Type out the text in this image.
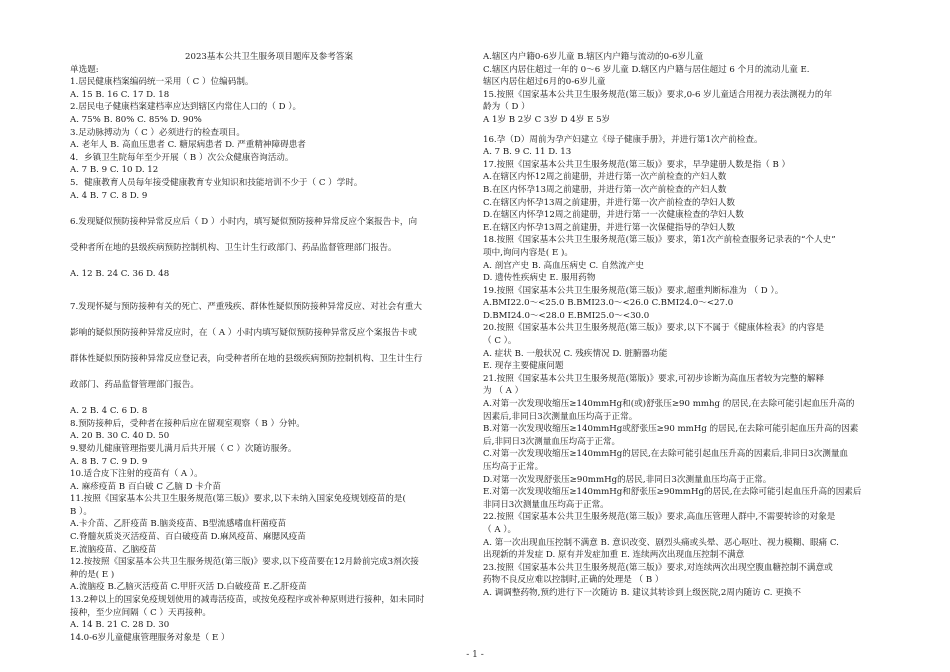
2023基本公共卫生服务项目题库及参考答案
单选题:
1.居民健康档案编码统一采用（ C ）位编码制。
A. 15 B. 16 C. 17 D. 18
2.居民电子健康档案建档率应达到辖区内常住人口的（ D ）。
A. 75% B. 80% C. 85% D. 90%
3.足动脉搏动为（ C ）必须进行的检查项目。
A. 老年人 B. 高血压患者 C. 糖尿病患者 D. 严重精神障碍患者
4．乡镇卫生院每年至少开展（ B ）次公众健康咨询活动。
A. 7 B. 9 C. 10 D. 12
5．健康教育人员每年接受健康教育专业知识和技能培训不少于（ C ）学时。
A. 4 B. 7 C. 8 D. 9
6.发现疑似预防接种异常反应后（ D ）小时内，填写疑似预防接种异常反应个案报告卡，向
受种者所在地的县级疾病预防控制机构、卫生计生行政部门、药品监督管理部门报告。
A. 12 B. 24 C. 36 D. 48
7.发现怀疑与预防接种有关的死亡、严重残疾、群体性疑似预防接种异常反应、对社会有重大
影响的疑似预防接种异常反应时，在（ A ）小时内填写疑似预防接种异常反应个案报告卡或
群体性疑似预防接种异常反应登记表，向受种者所在地的县级疾病预防控制机构、卫生计生行
政部门、药品监督管理部门报告。
A. 2 B. 4 C. 6 D. 8
8.预防接种后，受种者在接种后应在留观室观察（ B ）分钟。
A. 20 B. 30 C. 40 D. 50
9.婴幼儿健康管理指要儿满月后共开展（ C ）次随访服务。
A. 8 B. 7 C. 9 D. 9
10.适合皮下注射的疫苗有（ A ）。
A. 麻疹疫苗 B 百白破 C 乙脑 D 卡介苗
11.按照《国家基本公共卫生服务规范(第三版)》要求,以下未纳入国家免疫规划疫苗的是(
B ）。
A.卡介苗、乙肝疫苗 B.脑炎疫苗、B型流感嗜血杆菌疫苗
C.脊髓灰质炎灭活疫苗、百白破疫苗 D.麻风疫苗、麻腮风疫苗
E.流脑疫苗、乙脑疫苗
12.按按照《国家基本公共卫生服务规范(第三版)》要求,以下疫苗要在12月龄前完成3剂次接
种的是( E )
A.流脑疫 B.乙脑灭活疫苗 C.甲肝灭活 D.白破疫苗 E.乙肝疫苗
13.2种以上的国家免疫规划使用的减毒活疫苗，或按免疫程序或补种原则进行接种，如未同时
接种，至少应间隔（ C ）天再接种。
A. 14 B. 21 C. 28 D. 30
14.0-6岁儿童健康管理服务对象是（ E ）
A.辖区内户籍0-6岁儿童 B.辖区内户籍与流动的0-6岁儿童
C.辖区内居住超过一年的 0～6 岁儿童 D.辖区内户籍与居住超过 6 个月的流动儿童 E.
辖区内居住超过6月的0-6岁儿童
15.按照《国家基本公共卫生服务规范(第三版)》要求,0-6 岁儿童适合用视力表法测视力的年
龄为（ D ）
A 1岁 B 2岁 C 3岁 D 4岁 E 5岁
16.孕（D）周前为孕产妇建立《母子健康手册》，并进行第1次产前检查。
A. 7 B. 9 C. 11 D. 13
17.按照《国家基本公共卫生服务规范(第三版)》要求，早孕建册人数是指（ B ）
A.在辖区内怀12周之前建册，并进行第一次产前检查的产妇人数
B.在区内怀孕13周之前建册，并进行第一次产前检查的产妇人数
C.在辖区内怀孕13周之前建册，并进行第一次产前检查的孕妇人数
D.在辖区内怀孕12周之前建册，并进行第一一次健康检查的孕妇人数
E.在辖区内怀孕13周之前建册，并进行第一次保健指导的孕妇人数
18.按照《国家基本公共卫生服务规范(第三版)》要求，第1次产前检查服务记录表的“个人史”
项中,询问内容是( E )。
A. 剖宫产史 B. 高血压病史 C. 自然流产史
D. 遗传性疾病史 E. 服用药物
19.按照《国家基本公共卫生服务规范(第三版)》要求,超重判断标准为 （ D ）。
A.BMI22.0～<25.0 B.BMI23.0～<26.0 C.BMI24.0～<27.0
D.BMI24.0～<28.0 E.BMI25.0～<30.0
20.按照《国家基本公共卫生服务规范(第三版)》要求,以下不属于《健康体检表》的内容是
（ C ）。
A. 症状 B. 一般状况 C. 残疾情况 D. 脏腑器功能
E. 现存主要健康问题
21.按照《国家基本公共卫生服务规范(第版)》要求,可初步诊断为高血压者较为完整的解释
为 （ A ）
A.对第一次发现收缩压≥140mmHg和(或)舒张压≥90 mmhg 的居民,在去除可能引起血压升高的
因素后,非同日3次测量血压均高于正常。
B.对第一次发现收缩压≥140mmHg或舒张压≥90 mmHg 的居民,在去除可能引起血压升高的因素
后,非同日3次测量血压均高于正常。
C.对第一次发现收缩压≥140mmHg的居民,在去除可能引起血压升高的因素后,非同日3次测量血
压均高于正常。
D.对第一次发现舒张压≥90mmHg的居民,非同日3次测量血压均高于正常。
E.对第一次发现收缩压≥140mmHg和舒张压≥90mmHg的居民,在去除可能引起血压升高的因素后
非同日3次测量血压均高于正常。
22.按照《国家基本公共卫生服务规范(第三版)》要求,高血压管理人群中,不需要转诊的对象是
（ A ）。
A. 第一次出现血压控制不满意 B. 意识改变、剧烈头痛或头晕、恶心呕吐、视力模糊、眼痛 C.
出现新的并发症 D. 原有并发症加重 E. 连续两次出现血压控制不满意
23.按照《国家基本公共卫生服务规范(第三版)》要求,对连续两次出现空腹血糖控制不满意或
药物不良反应难以控制时,正确的处理是 （ B ）
A. 调调整药物,预约进行下一次随访 B. 建议其转诊到上级医院,2周内随访 C. 更换不
- 1 -
